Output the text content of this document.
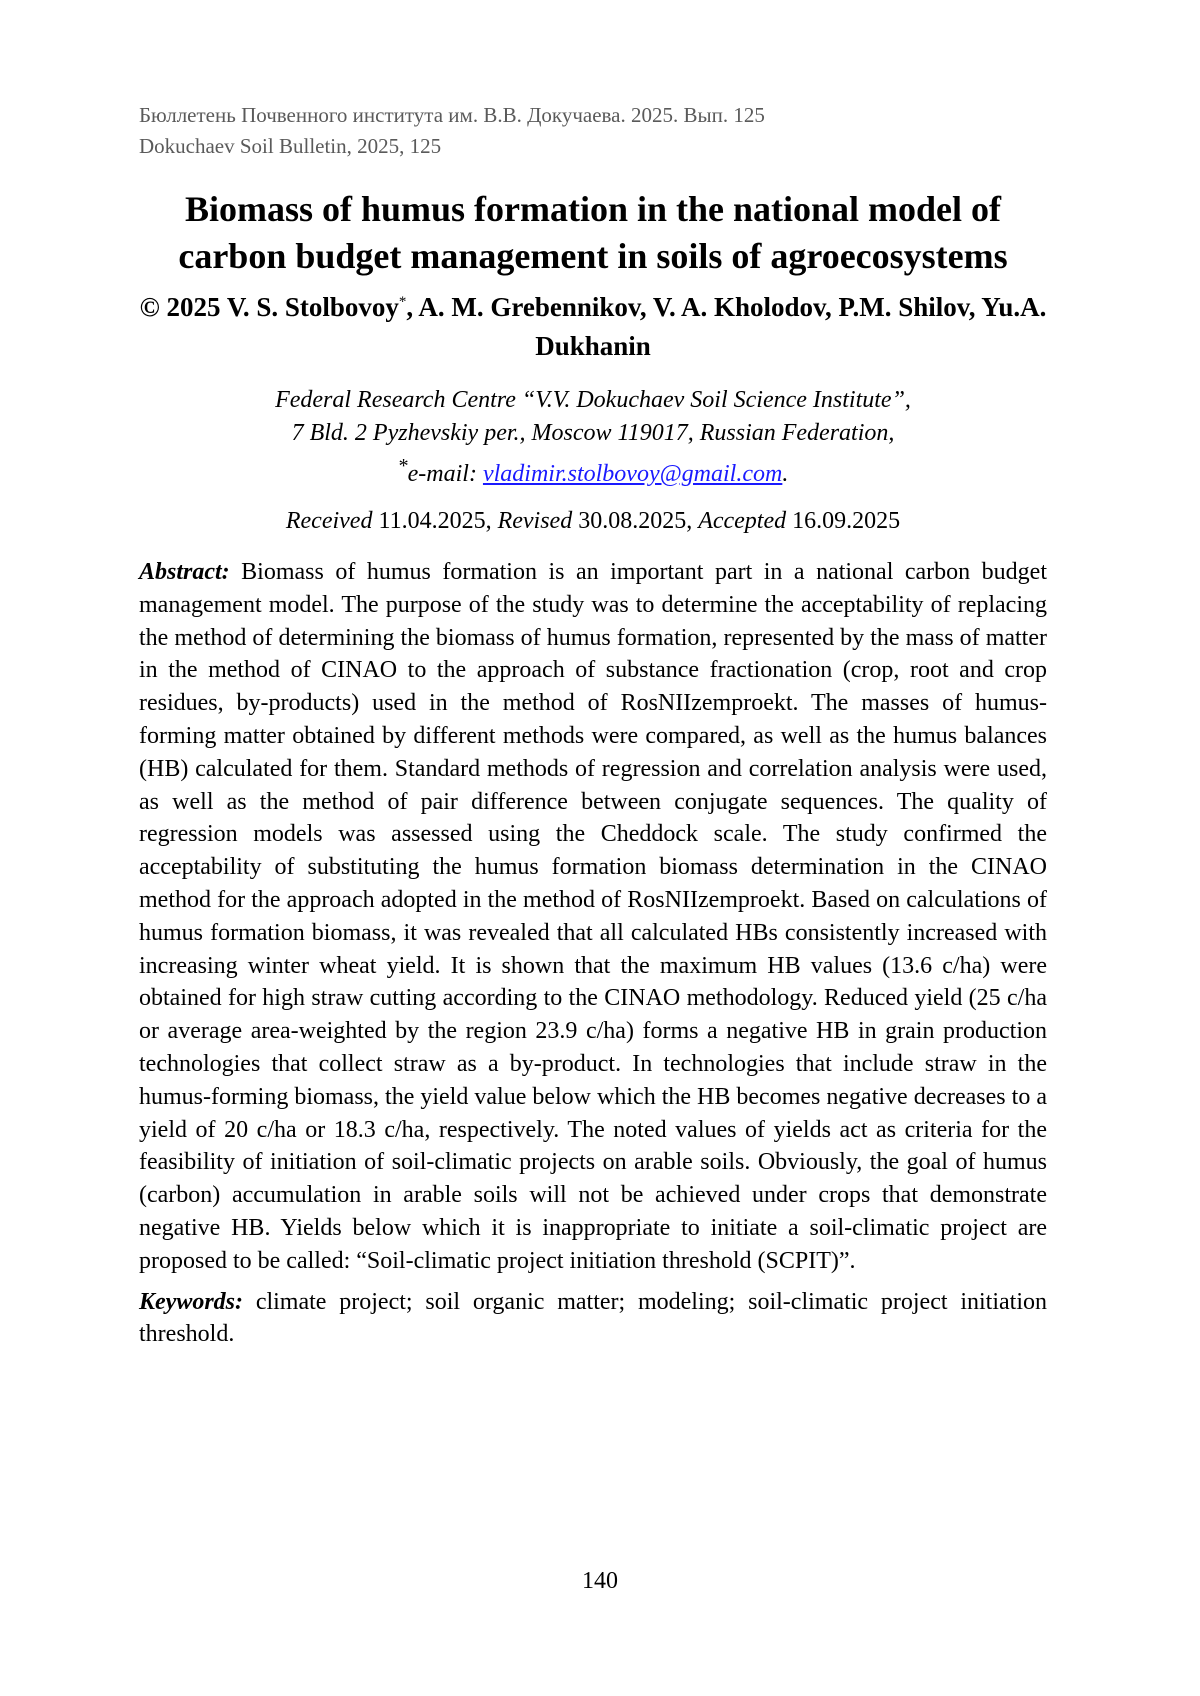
Бюллетень Почвенного института им. В.В. Докучаева. 2025. Вып. 125

Dokuchaev Soil Bulletin, 2025, 125

Biomass of humus formation in the national model of carbon budget management in soils of agroecosystems

© 2025 V. S. Stolbovoy*, A. M. Grebennikov, V. A. Kholodov, P.M. Shilov, Yu.A. Dukhanin

Federal Research Centre “V.V. Dokuchaev Soil Science Institute”,
7 Bld. 2 Pyzhevskiy per., Moscow 119017, Russian Federation,
*e-mail: vladimir.stolbovoy@gmail.com.

Received 11.04.2025, Revised 30.08.2025, Accepted 16.09.2025

Abstract: Biomass of humus formation is an important part in a national carbon budget management model. The purpose of the study was to determine the acceptability of replacing the method of determining the biomass of humus formation, represented by the mass of matter in the method of CINAO to the approach of substance fractionation (crop, root and crop residues, by-products) used in the method of RosNIIzemproekt. The masses of humus-forming matter obtained by different methods were compared, as well as the humus balances (HB) calculated for them. Standard methods of regression and correlation analysis were used, as well as the method of pair difference between conjugate sequences. The quality of regression models was assessed using the Cheddock scale. The study confirmed the acceptability of substituting the humus formation biomass determination in the CINAO method for the approach adopted in the method of RosNIIzemproekt. Based on calculations of humus formation biomass, it was revealed that all calculated HBs consistently increased with increasing winter wheat yield. It is shown that the maximum HB values (13.6 c/ha) were obtained for high straw cutting according to the CINAO methodology. Reduced yield (25 c/ha or average area-weighted by the region 23.9 c/ha) forms a negative HB in grain production technologies that collect straw as a by-product. In technologies that include straw in the humus-forming biomass, the yield value below which the HB becomes negative decreases to a yield of 20 c/ha or 18.3 c/ha, respectively. The noted values of yields act as criteria for the feasibility of initiation of soil-climatic projects on arable soils. Obviously, the goal of humus (carbon) accumulation in arable soils will not be achieved under crops that demonstrate negative HB. Yields below which it is inappropriate to initiate a soil-climatic project are proposed to be called: “Soil-climatic project initiation threshold (SCPIT)”.

Keywords: climate project; soil organic matter; modeling; soil-climatic project initiation threshold.

140
